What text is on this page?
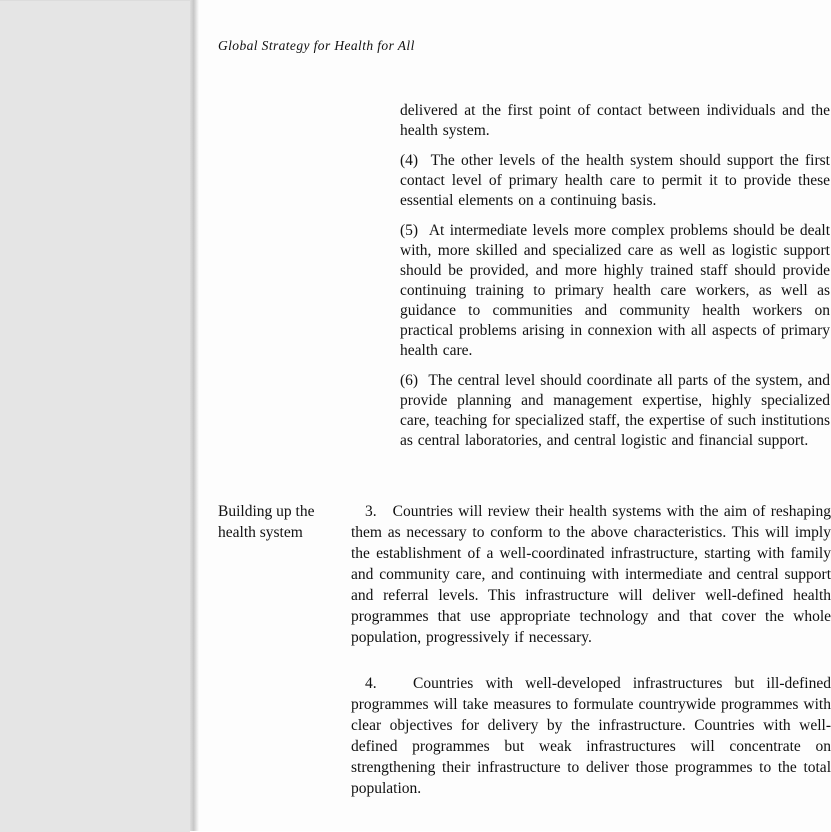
Global Strategy for Health for All

delivered at the first point of contact between individuals and the health system.

(4)  The other levels of the health system should support the first contact level of primary health care to permit it to provide these essential elements on a continuing basis.

(5)  At intermediate levels more complex problems should be dealt with, more skilled and specialized care as well as logistic support should be provided, and more highly trained staff should provide continuing training to primary health care workers, as well as guidance to communities and community health workers on practical problems arising in connexion with all aspects of primary health care.

(6)  The central level should coordinate all parts of the system, and provide planning and management expertise, highly specialized care, teaching for specialized staff, the expertise of such institutions as central laboratories, and central logistic and financial support.

Building up the health system

3.   Countries will review their health systems with the aim of reshaping them as necessary to conform to the above characteristics. This will imply the establishment of a well-coordinated infrastructure, starting with family and community care, and continuing with intermediate and central support and referral levels. This infrastructure will deliver well-defined health programmes that use appropriate technology and that cover the whole population, progressively if necessary.

4.   Countries with well-developed infrastructures but ill-defined programmes will take measures to formulate countrywide programmes with clear objectives for delivery by the infrastructure. Countries with well-defined programmes but weak infrastructures will concentrate on strengthening their infrastructure to deliver those programmes to the total population.
